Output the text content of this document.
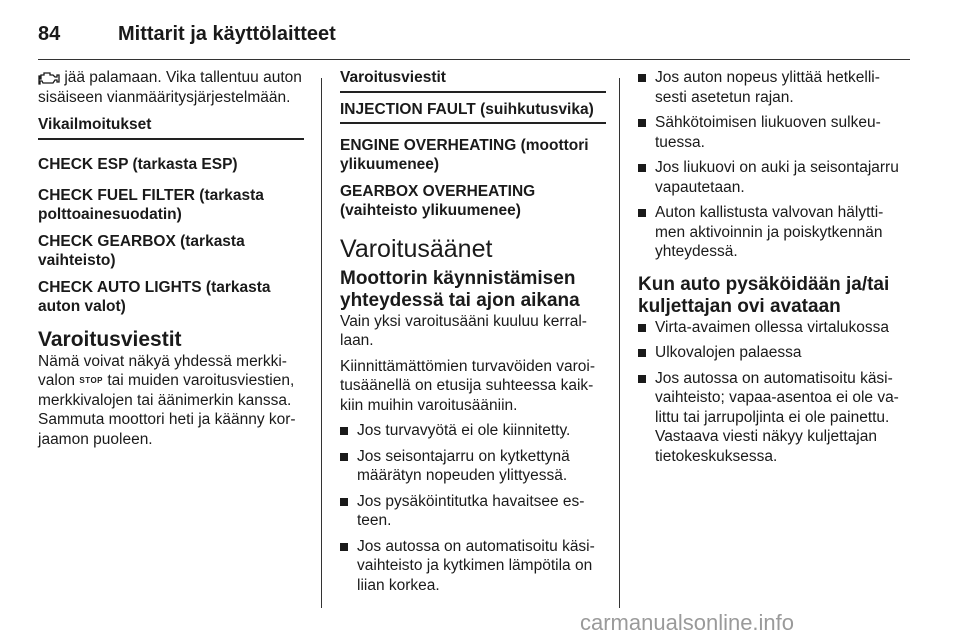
84	Mittarit ja käyttölaitteet

jää palamaan. Vika tallentuu auton sisäiseen vianmääritysjärjestelmään.

Vikailmoitukset

CHECK ESP (tarkasta ESP)

CHECK FUEL FILTER (tarkasta polttoainesuodatin)

CHECK GEARBOX (tarkasta vaihteisto)

CHECK AUTO LIGHTS (tarkasta auton valot)

Varoitusviestit

Nämä voivat näkyä yhdessä merkki-valon STOP tai muiden varoitusviestien, merkkivalojen tai äänimerkin kanssa. Sammuta moottori heti ja käänny kor-jaamon puoleen.

Varoitusviestit

INJECTION FAULT (suihkutusvika)

ENGINE OVERHEATING (moottori ylikuumenee)

GEARBOX OVERHEATING (vaihteisto ylikuumenee)

Varoitusäänet
Moottorin käynnistämisen yhteydessä tai ajon aikana

Vain yksi varoitusääni kuuluu kerral-laan.

Kiinnittämättömien turvavöiden varoi-tusäänellä on etusija suhteessa kaik-kiin muihin varoitusääniin.

Jos turvavyötä ei ole kiinnitetty.
Jos seisontajarru on kytkettynä määrätyn nopeuden ylittyessä.
Jos pysäköintitutka havaitsee es-teen.
Jos autossa on automatisoitu käsi-vaihteisto ja kytkimen lämpötila on liian korkea.
Jos auton nopeus ylittää hetkelli-sesti asetetun rajan.
Sähkötoimisen liukuoven sulkeu-tuessa.
Jos liukuovi on auki ja seisontajarru vapautetaan.
Auton kallistusta valvovan hälytti-men aktivoinnin ja poiskytkennän yhteydessä.
Kun auto pysäköidään ja/tai kuljettajan ovi avataan
Virta-avaimen ollessa virtalukossa
Ulkovalojen palaessa
Jos autossa on automatisoitu käsi-vaihteisto; vapaa-asentoa ei ole va-littu tai jarrupoljinta ei ole painettu. Vastaava viesti näkyy kuljettajan tietokeskuksessa.
carmanualsonline.info
